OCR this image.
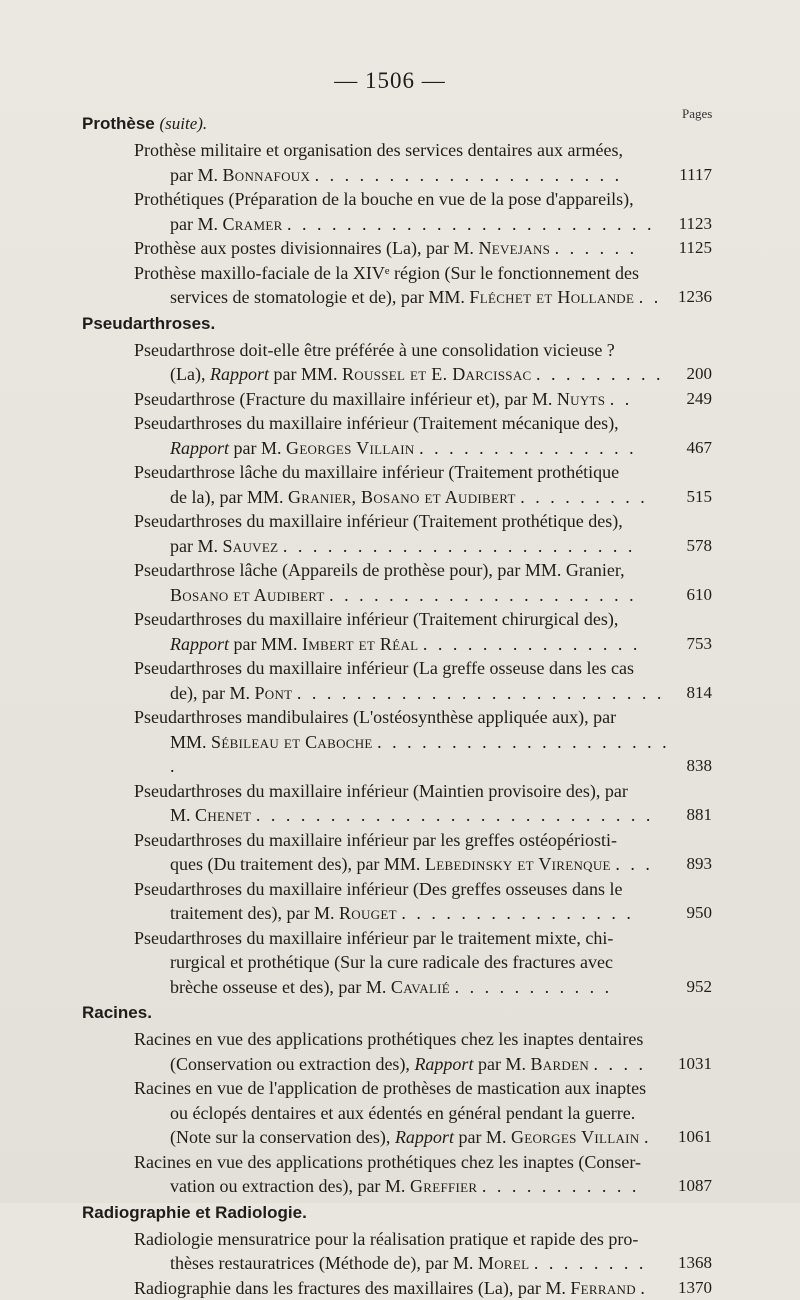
— 1506 —
Pages
Prothèse (suite).
Prothèse militaire et organisation des services dentaires aux armées,
par M. Bonnafoux . . . . . . . . . . . . . . . . . . . . .	1117
Prothétiques (Préparation de la bouche en vue de la pose d'appareils),
par M. Cramer . . . . . . . . . . . . . . . . . . . . . . . . .	1123
Prothèse aux postes divisionnaires (La), par M. Nevejans . . . . . .	1125
Prothèse maxillo-faciale de la XIVᵉ région (Sur le fonctionnement des
services de stomatologie et de), par MM. Fléchet et Hollande . . 1236
Pseudarthroses.
Pseudarthrose doit-elle être préférée à une consolidation vicieuse ?
(La), Rapport par MM. Roussel et E. Darcissac . . . . . . . . .	200
Pseudarthrose (Fracture du maxillaire inférieur et), par M. Nuyts . .	249
Pseudarthroses du maxillaire inférieur (Traitement mécanique des),
Rapport par M. Georges Villain . . . . . . . . . . . . . . .	467
Pseudarthrose lâche du maxillaire inférieur (Traitement prothétique
de la), par MM. Granier, Bosano et Audibert . . . . . . . . .	515
Pseudarthroses du maxillaire inférieur (Traitement prothétique des),
par M. Sauvez . . . . . . . . . . . . . . . . . . . . . . . .	578
Pseudarthrose lâche (Appareils de prothèse pour), par MM. Granier,
Bosano et Audibert . . . . . . . . . . . . . . . . . . . . .	610
Pseudarthroses du maxillaire inférieur (Traitement chirurgical des),
Rapport par MM. Imbert et Réal . . . . . . . . . . . . . . .	753
Pseudarthroses du maxillaire inférieur (La greffe osseuse dans les cas
de), par M. Pont . . . . . . . . . . . . . . . . . . . . . . . . .	814
Pseudarthroses mandibulaires (L'ostéosynthèse appliquée aux), par
MM. Sébileau et Caboche . . . . . . . . . . . . . . . . . . . . .	838
Pseudarthroses du maxillaire inférieur (Maintien provisoire des), par
M. Chenet . . . . . . . . . . . . . . . . . . . . . . . . . . .	881
Pseudarthroses du maxillaire inférieur par les greffes ostéopériosti-
ques (Du traitement des), par MM. Lebedinsky et Virenque . . .	893
Pseudarthroses du maxillaire inférieur (Des greffes osseuses dans le
traitement des), par M. Rouget . . . . . . . . . . . . . . . .	950
Pseudarthroses du maxillaire inférieur par le traitement mixte, chi-
rurgical et prothétique (Sur la cure radicale des fractures avec
brèche osseuse et des), par M. Cavalié . . . . . . . . . . .	952
Racines.
Racines en vue des applications prothétiques chez les inaptes dentaires
(Conservation ou extraction des), Rapport par M. Barden . . . .	1031
Racines en vue de l'application de prothèses de mastication aux inaptes
ou éclopés dentaires et aux édentés en général pendant la guerre.
(Note sur la conservation des), Rapport par M. Georges Villain .	1061
Racines en vue des applications prothétiques chez les inaptes (Conser-
vation ou extraction des), par M. Greffier . . . . . . . . . . .	1087
Radiographie et Radiologie.
Radiologie mensuratrice pour la réalisation pratique et rapide des pro-
thèses restauratrices (Méthode de), par M. Morel . . . . . . . .	1368
Radiographie dans les fractures des maxillaires (La), par M. Ferrand .	1370
